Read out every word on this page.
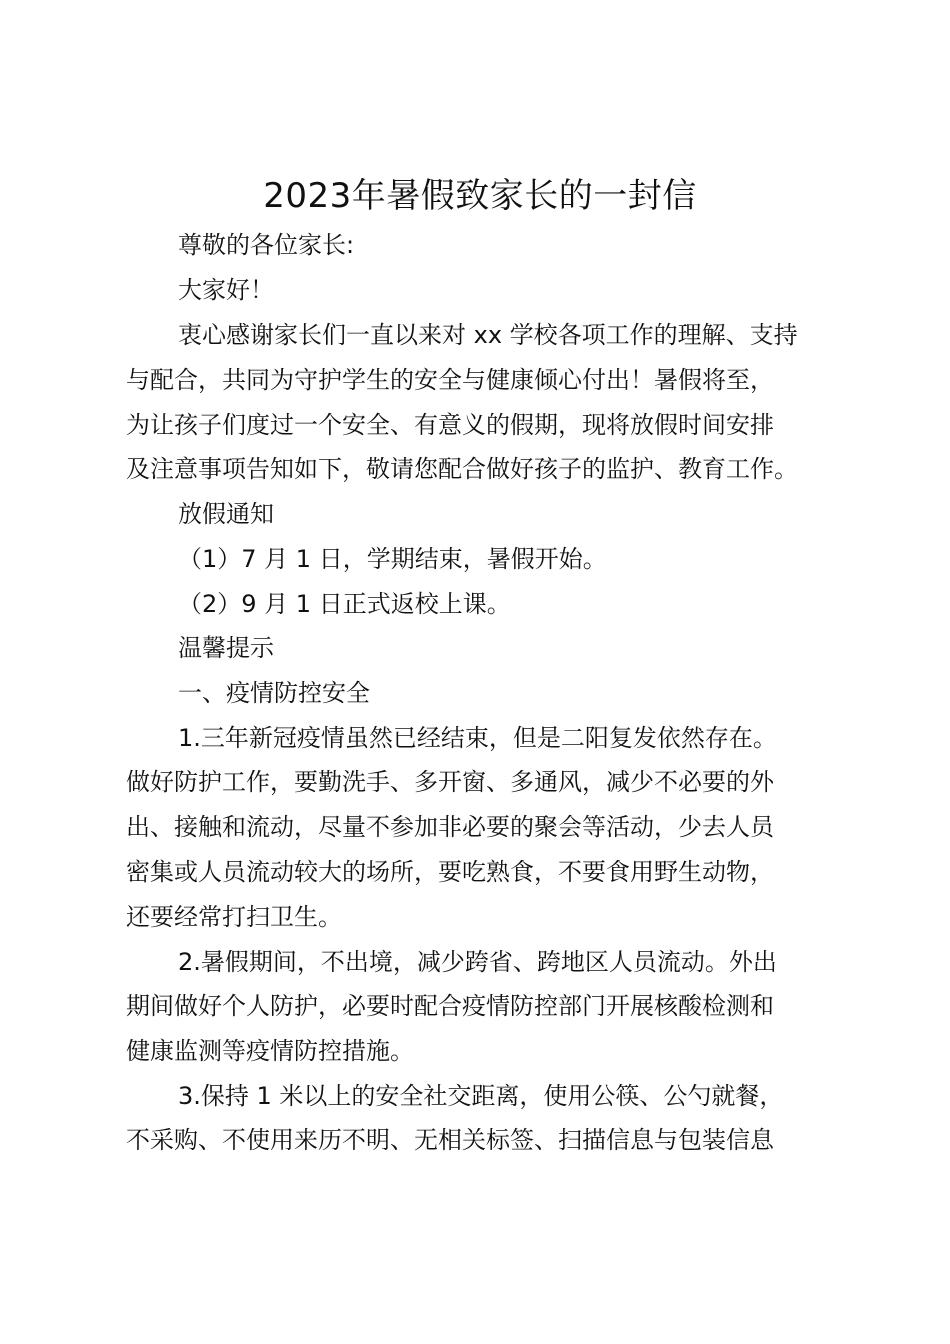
2023年暑假致家长的一封信
尊敬的各位家长:
大家好！
衷心感谢家长们一直以来对 xx 学校各项工作的理解、支持
与配合，共同为守护学生的安全与健康倾心付出！暑假将至，
为让孩子们度过一个安全、有意义的假期，现将放假时间安排
及注意事项告知如下，敬请您配合做好孩子的监护、教育工作。
放假通知
（1）7 月 1 日，学期结束，暑假开始。
（2）9 月 1 日正式返校上课。
温馨提示
一、疫情防控安全
1.三年新冠疫情虽然已经结束，但是二阳复发依然存在。
做好防护工作，要勤洗手、多开窗、多通风，减少不必要的外
出、接触和流动，尽量不参加非必要的聚会等活动，少去人员
密集或人员流动较大的场所，要吃熟食，不要食用野生动物，
还要经常打扫卫生。
2.暑假期间，不出境，减少跨省、跨地区人员流动。外出
期间做好个人防护，必要时配合疫情防控部门开展核酸检测和
健康监测等疫情防控措施。
3.保持 1 米以上的安全社交距离，使用公筷、公勺就餐，
不采购、不使用来历不明、无相关标签、扫描信息与包装信息
